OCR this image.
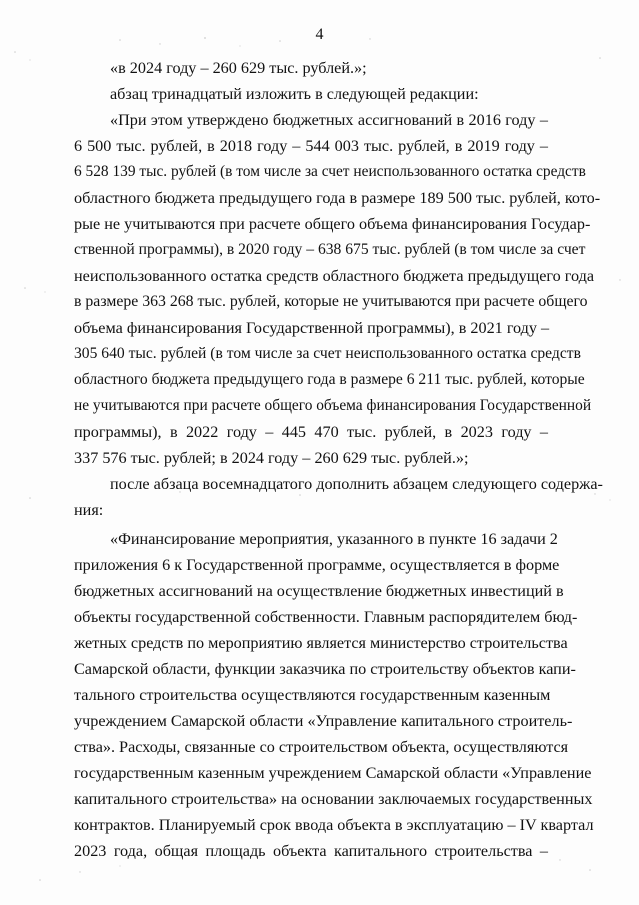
4
«в 2024 году – 260 629 тыс. рублей.»;
абзац тринадцатый изложить в следующей редакции:
«При этом утверждено бюджетных ассигнований в 2016 году –
6 500 тыс. рублей, в 2018 году – 544 003 тыс. рублей, в 2019 году –
6 528 139 тыс. рублей (в том числе за счет неиспользованного остатка средств
областного бюджета предыдущего года в размере 189 500 тыс. рублей, кото-
рые не учитываются при расчете общего объема финансирования Государ-
ственной программы), в 2020 году – 638 675 тыс. рублей (в том числе за счет
неиспользованного остатка средств областного бюджета предыдущего года
в размере 363 268 тыс. рублей, которые не учитываются при расчете общего
объема финансирования Государственной программы), в 2021 году –
305 640 тыс. рублей (в том числе за счет неиспользованного остатка средств
областного бюджета предыдущего года в размере 6 211 тыс. рублей, которые
не учитываются при расчете общего объема финансирования Государственной
программы), в 2022 году – 445 470 тыс. рублей, в 2023 году –
337 576 тыс. рублей; в 2024 году – 260 629 тыс. рублей.»;
после абзаца восемнадцатого дополнить абзацем следующего содержа-
ния:
«Финансирование мероприятия, указанного в пункте 16 задачи 2
приложения 6 к Государственной программе, осуществляется в форме
бюджетных ассигнований на осуществление бюджетных инвестиций в
объекты государственной собственности. Главным распорядителем бюд-
жетных средств по мероприятию является министерство строительства
Самарской области, функции заказчика по строительству объектов капи-
тального строительства осуществляются государственным казенным
учреждением Самарской области «Управление капитального строитель-
ства». Расходы, связанные со строительством объекта, осуществляются
государственным казенным учреждением Самарской области «Управление
капитального строительства» на основании заключаемых государственных
контрактов. Планируемый срок ввода объекта в эксплуатацию – IV квартал
2023 года, общая площадь объекта капитального строительства –
